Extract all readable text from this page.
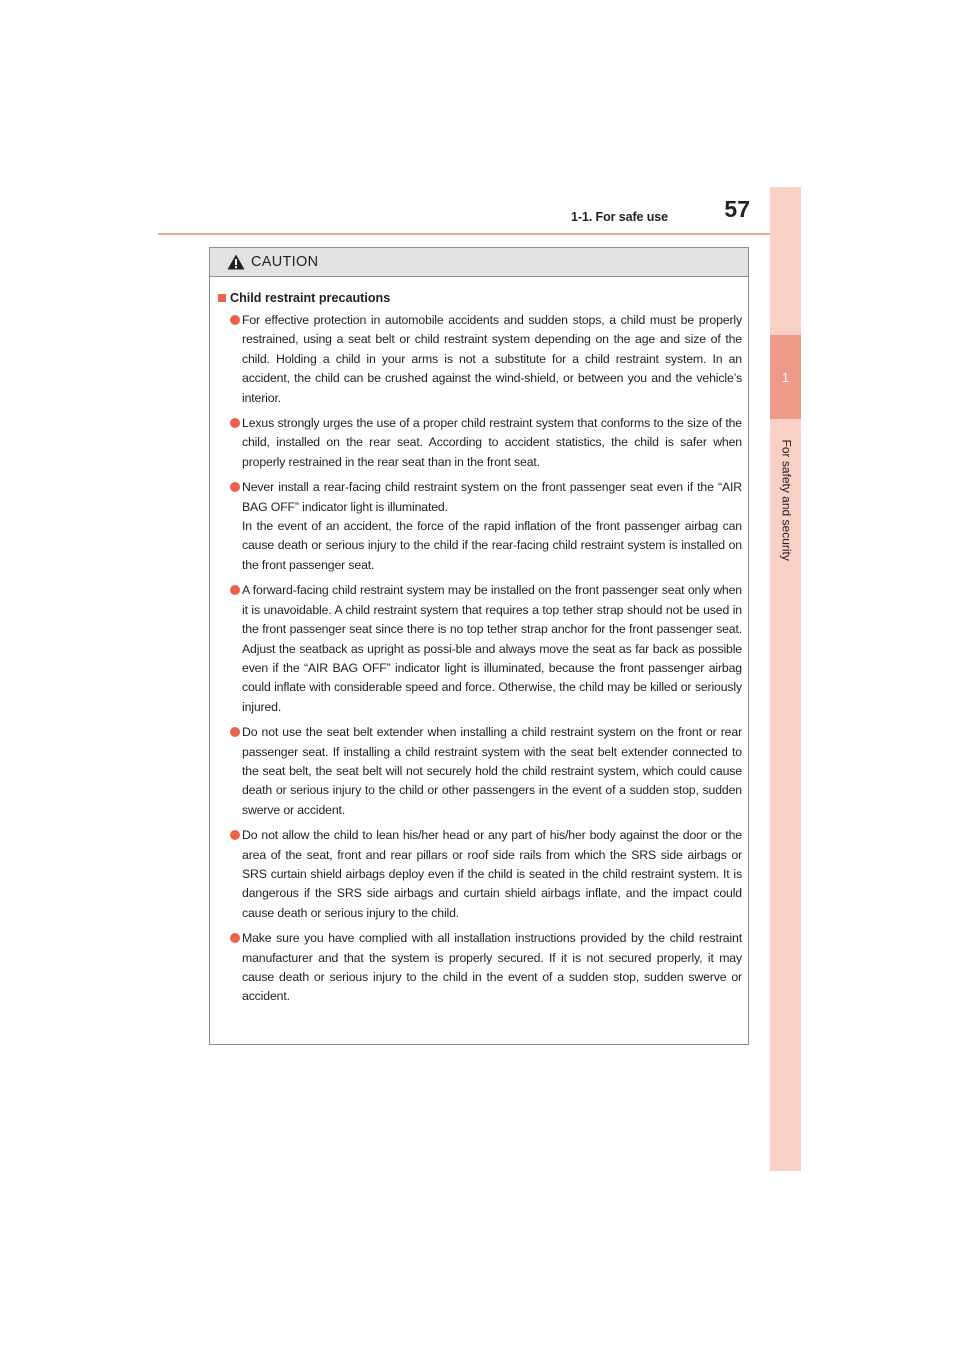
1-1. For safe use	57
1
For safety and security
CAUTION
Child restraint precautions

For effective protection in automobile accidents and sudden stops, a child must be properly restrained, using a seat belt or child restraint system depending on the age and size of the child. Holding a child in your arms is not a substitute for a child restraint system. In an accident, the child can be crushed against the wind-shield, or between you and the vehicle’s interior.

Lexus strongly urges the use of a proper child restraint system that conforms to the size of the child, installed on the rear seat. According to accident statistics, the child is safer when properly restrained in the rear seat than in the front seat.

Never install a rear-facing child restraint system on the front passenger seat even if the “AIR BAG OFF” indicator light is illuminated.

In the event of an accident, the force of the rapid inflation of the front passenger airbag can cause death or serious injury to the child if the rear-facing child restraint system is installed on the front passenger seat.

A forward-facing child restraint system may be installed on the front passenger seat only when it is unavoidable. A child restraint system that requires a top tether strap should not be used in the front passenger seat since there is no top tether strap anchor for the front passenger seat. Adjust the seatback as upright as possi-ble and always move the seat as far back as possible even if the “AIR BAG OFF” indicator light is illuminated, because the front passenger airbag could inflate with considerable speed and force. Otherwise, the child may be killed or seriously injured.

Do not use the seat belt extender when installing a child restraint system on the front or rear passenger seat. If installing a child restraint system with the seat belt extender connected to the seat belt, the seat belt will not securely hold the child restraint system, which could cause death or serious injury to the child or other passengers in the event of a sudden stop, sudden swerve or accident.

Do not allow the child to lean his/her head or any part of his/her body against the door or the area of the seat, front and rear pillars or roof side rails from which the SRS side airbags or SRS curtain shield airbags deploy even if the child is seated in the child restraint system. It is dangerous if the SRS side airbags and curtain shield airbags inflate, and the impact could cause death or serious injury to the child.

Make sure you have complied with all installation instructions provided by the child restraint manufacturer and that the system is properly secured. If it is not secured properly, it may cause death or serious injury to the child in the event of a sudden stop, sudden swerve or accident.
